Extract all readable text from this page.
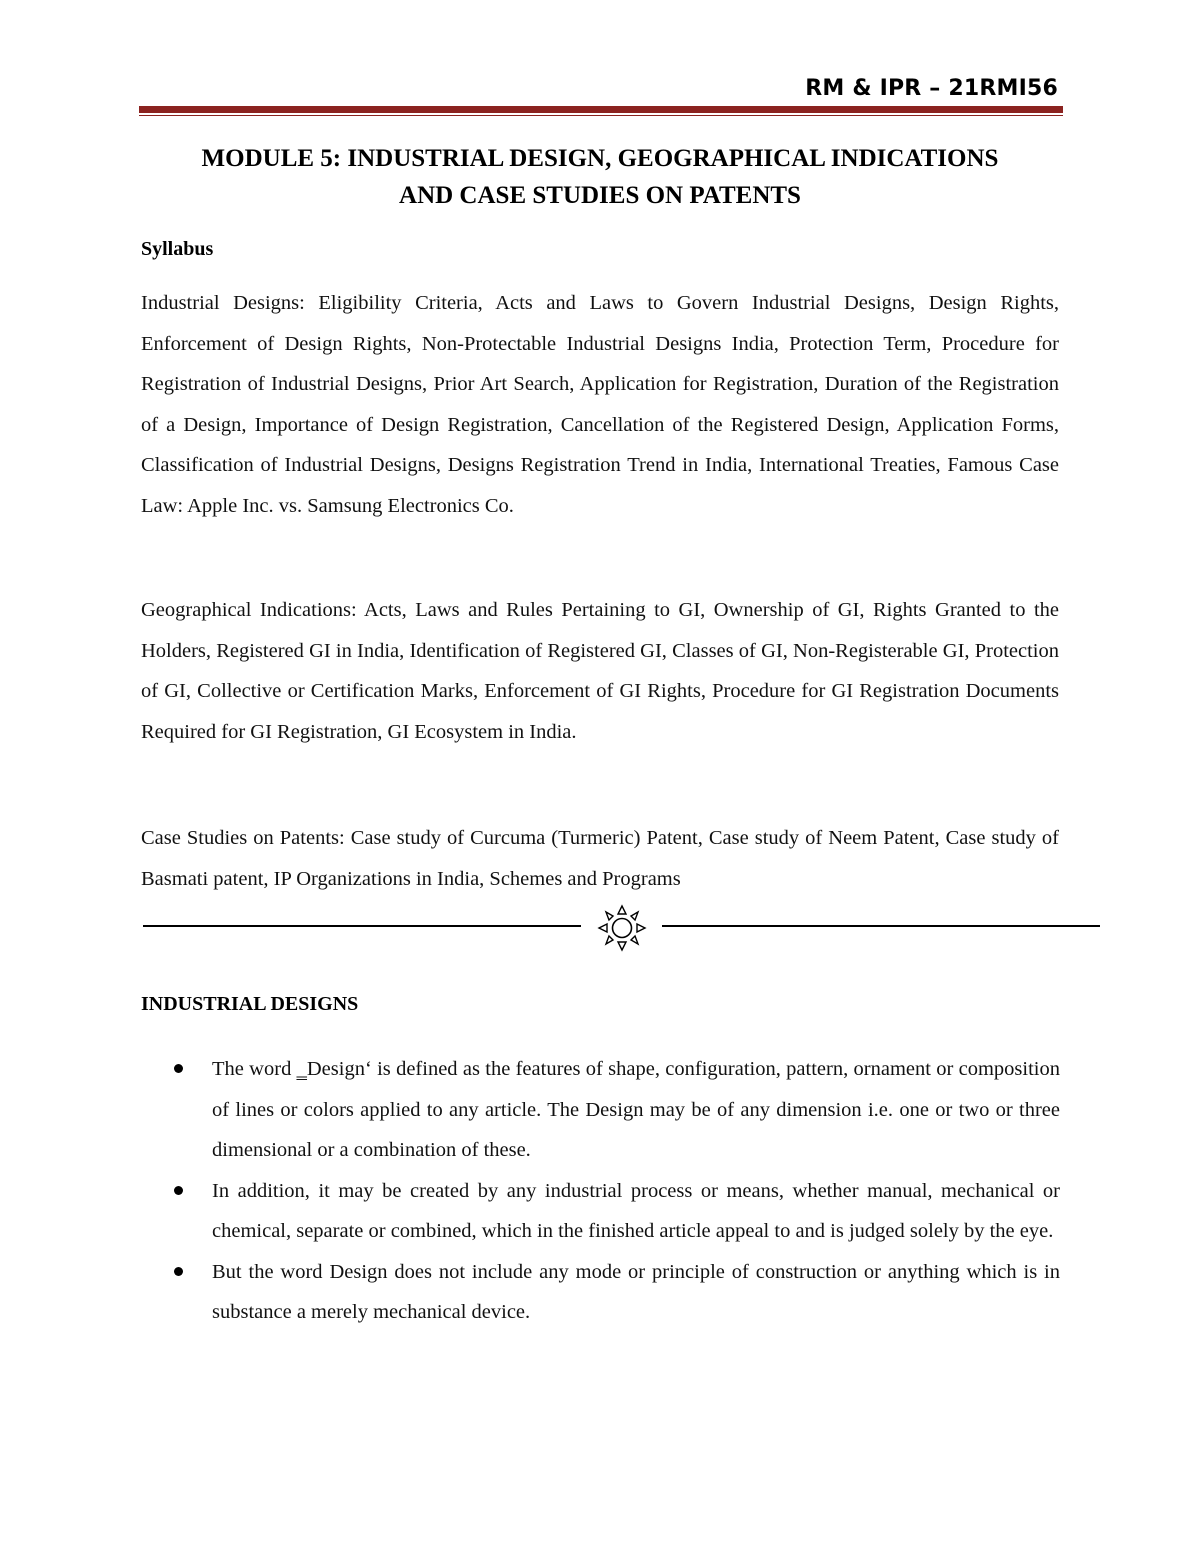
RM & IPR – 21RMI56
MODULE 5: INDUSTRIAL DESIGN, GEOGRAPHICAL INDICATIONS
AND CASE STUDIES ON PATENTS
Syllabus

Industrial Designs: Eligibility Criteria, Acts and Laws to Govern Industrial Designs, Design Rights, Enforcement of Design Rights, Non-Protectable Industrial Designs India, Protection Term, Procedure for Registration of Industrial Designs, Prior Art Search, Application for Registration, Duration of the Registration of a Design, Importance of Design Registration, Cancellation of the Registered Design, Application Forms, Classification of Industrial Designs, Designs Registration Trend in India, International Treaties, Famous Case Law: Apple Inc. vs. Samsung Electronics Co.

Geographical Indications: Acts, Laws and Rules Pertaining to GI, Ownership of GI, Rights Granted to the Holders, Registered GI in India, Identification of Registered GI, Classes of GI, Non-Registerable GI, Protection of GI, Collective or Certification Marks, Enforcement of GI Rights, Procedure for GI Registration Documents Required for GI Registration, GI Ecosystem in India.

Case Studies on Patents: Case study of Curcuma (Turmeric) Patent, Case study of Neem Patent, Case study of Basmati patent, IP Organizations in India, Schemes and Programs

INDUSTRIAL DESIGNS
The word ‗Design‘ is defined as the features of shape, configuration, pattern, ornament or composition of lines or colors applied to any article. The Design may be of any dimension i.e. one or two or three dimensional or a combination of these.
In addition, it may be created by any industrial process or means, whether manual, mechanical or chemical, separate or combined, which in the finished article appeal to and is judged solely by the eye.
But the word Design does not include any mode or principle of construction or anything which is in substance a merely mechanical device.
